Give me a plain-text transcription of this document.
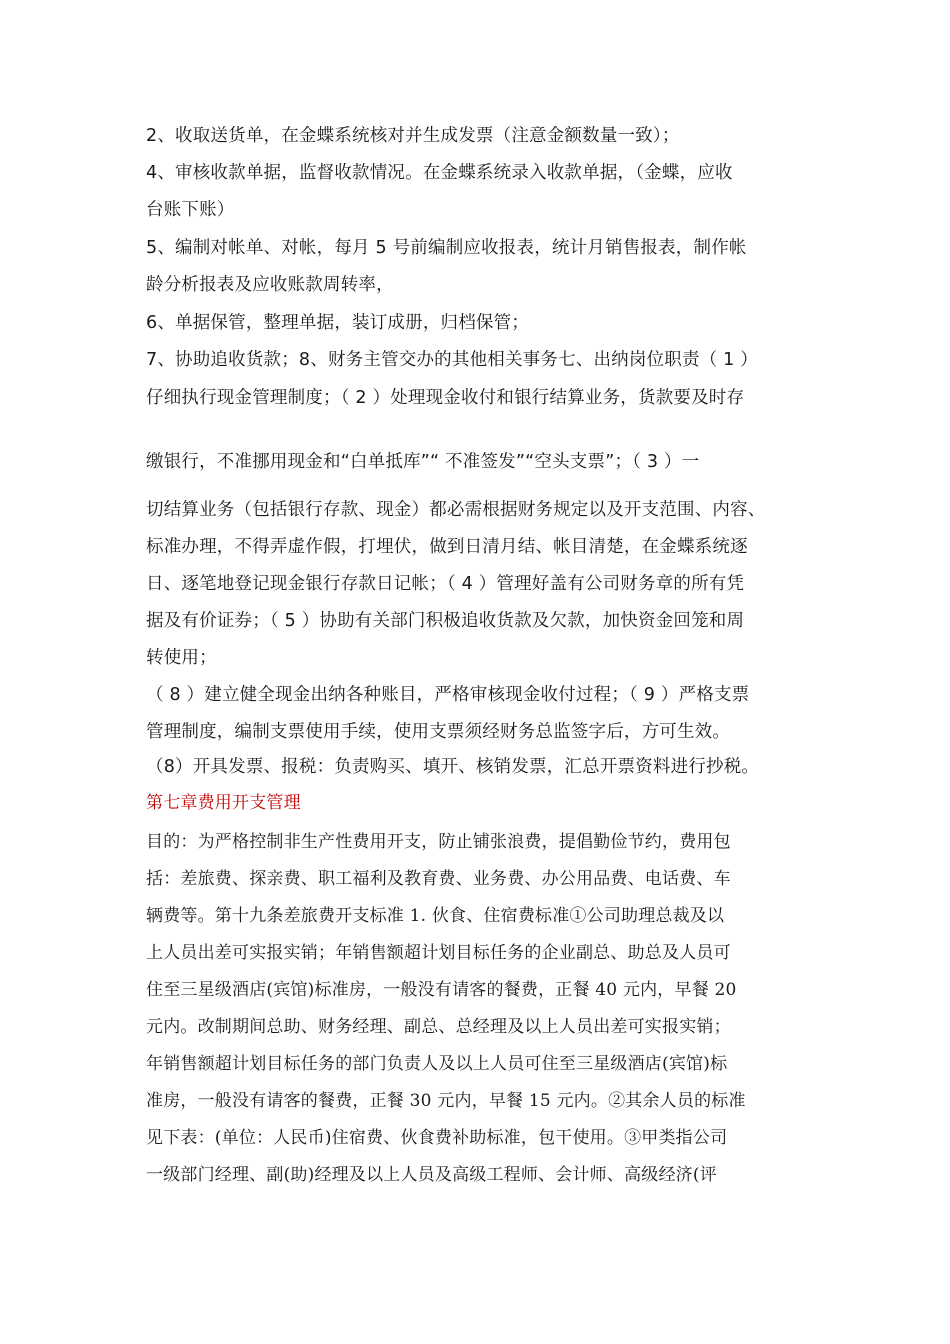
2、收取送货单，在金蝶系统核对并生成发票（注意金额数量一致）；
4、审核收款单据，监督收款情况。在金蝶系统录入收款单据，（金蝶，应收
台账下账）
5、编制对帐单、对帐，每月 5 号前编制应收报表，统计月销售报表，制作帐
龄分析报表及应收账款周转率，
6、单据保管，整理单据，装订成册，归档保管；
7、协助追收货款；8、财务主管交办的其他相关事务七、出纳岗位职责（ 1 ）
仔细执行现金管理制度；（ 2 ）处理现金收付和银行结算业务，货款要及时存
缴银行，不准挪用现金和“白单抵库”“ 不准签发”“空头支票”；（ 3 ）一
切结算业务（包括银行存款、现金）都必需根据财务规定以及开支范围、内容、
标准办理，不得弄虚作假，打埋伏，做到日清月结、帐目清楚，在金蝶系统逐
日、逐笔地登记现金银行存款日记帐；（ 4 ）管理好盖有公司财务章的所有凭
据及有价证券；（ 5 ）协助有关部门积极追收货款及欠款，加快资金回笼和周
转使用；
（ 8 ）建立健全现金出纳各种账目，严格审核现金收付过程；（ 9 ）严格支票
管理制度，编制支票使用手续，使用支票须经财务总监签字后，方可生效。
（8）开具发票、报税：负责购买、填开、核销发票，汇总开票资料进行抄税。
第七章费用开支管理
目的：为严格控制非生产性费用开支，防止铺张浪费，提倡勤俭节约，费用包
括：差旅费、探亲费、职工福利及教育费、业务费、办公用品费、电话费、车
辆费等。第十九条差旅费开支标准 1. 伙食、住宿费标准①公司助理总裁及以
上人员出差可实报实销；年销售额超计划目标任务的企业副总、助总及人员可
住至三星级酒店(宾馆)标准房，一般没有请客的餐费，正餐 40 元内，早餐 20
元内。改制期间总助、财务经理、副总、总经理及以上人员出差可实报实销；
年销售额超计划目标任务的部门负责人及以上人员可住至三星级酒店(宾馆)标
准房，一般没有请客的餐费，正餐 30 元内，早餐 15 元内。②其余人员的标准
见下表：(单位：人民币)住宿费、伙食费补助标准，包干使用。③甲类指公司
一级部门经理、副(助)经理及以上人员及高级工程师、会计师、高级经济(评
